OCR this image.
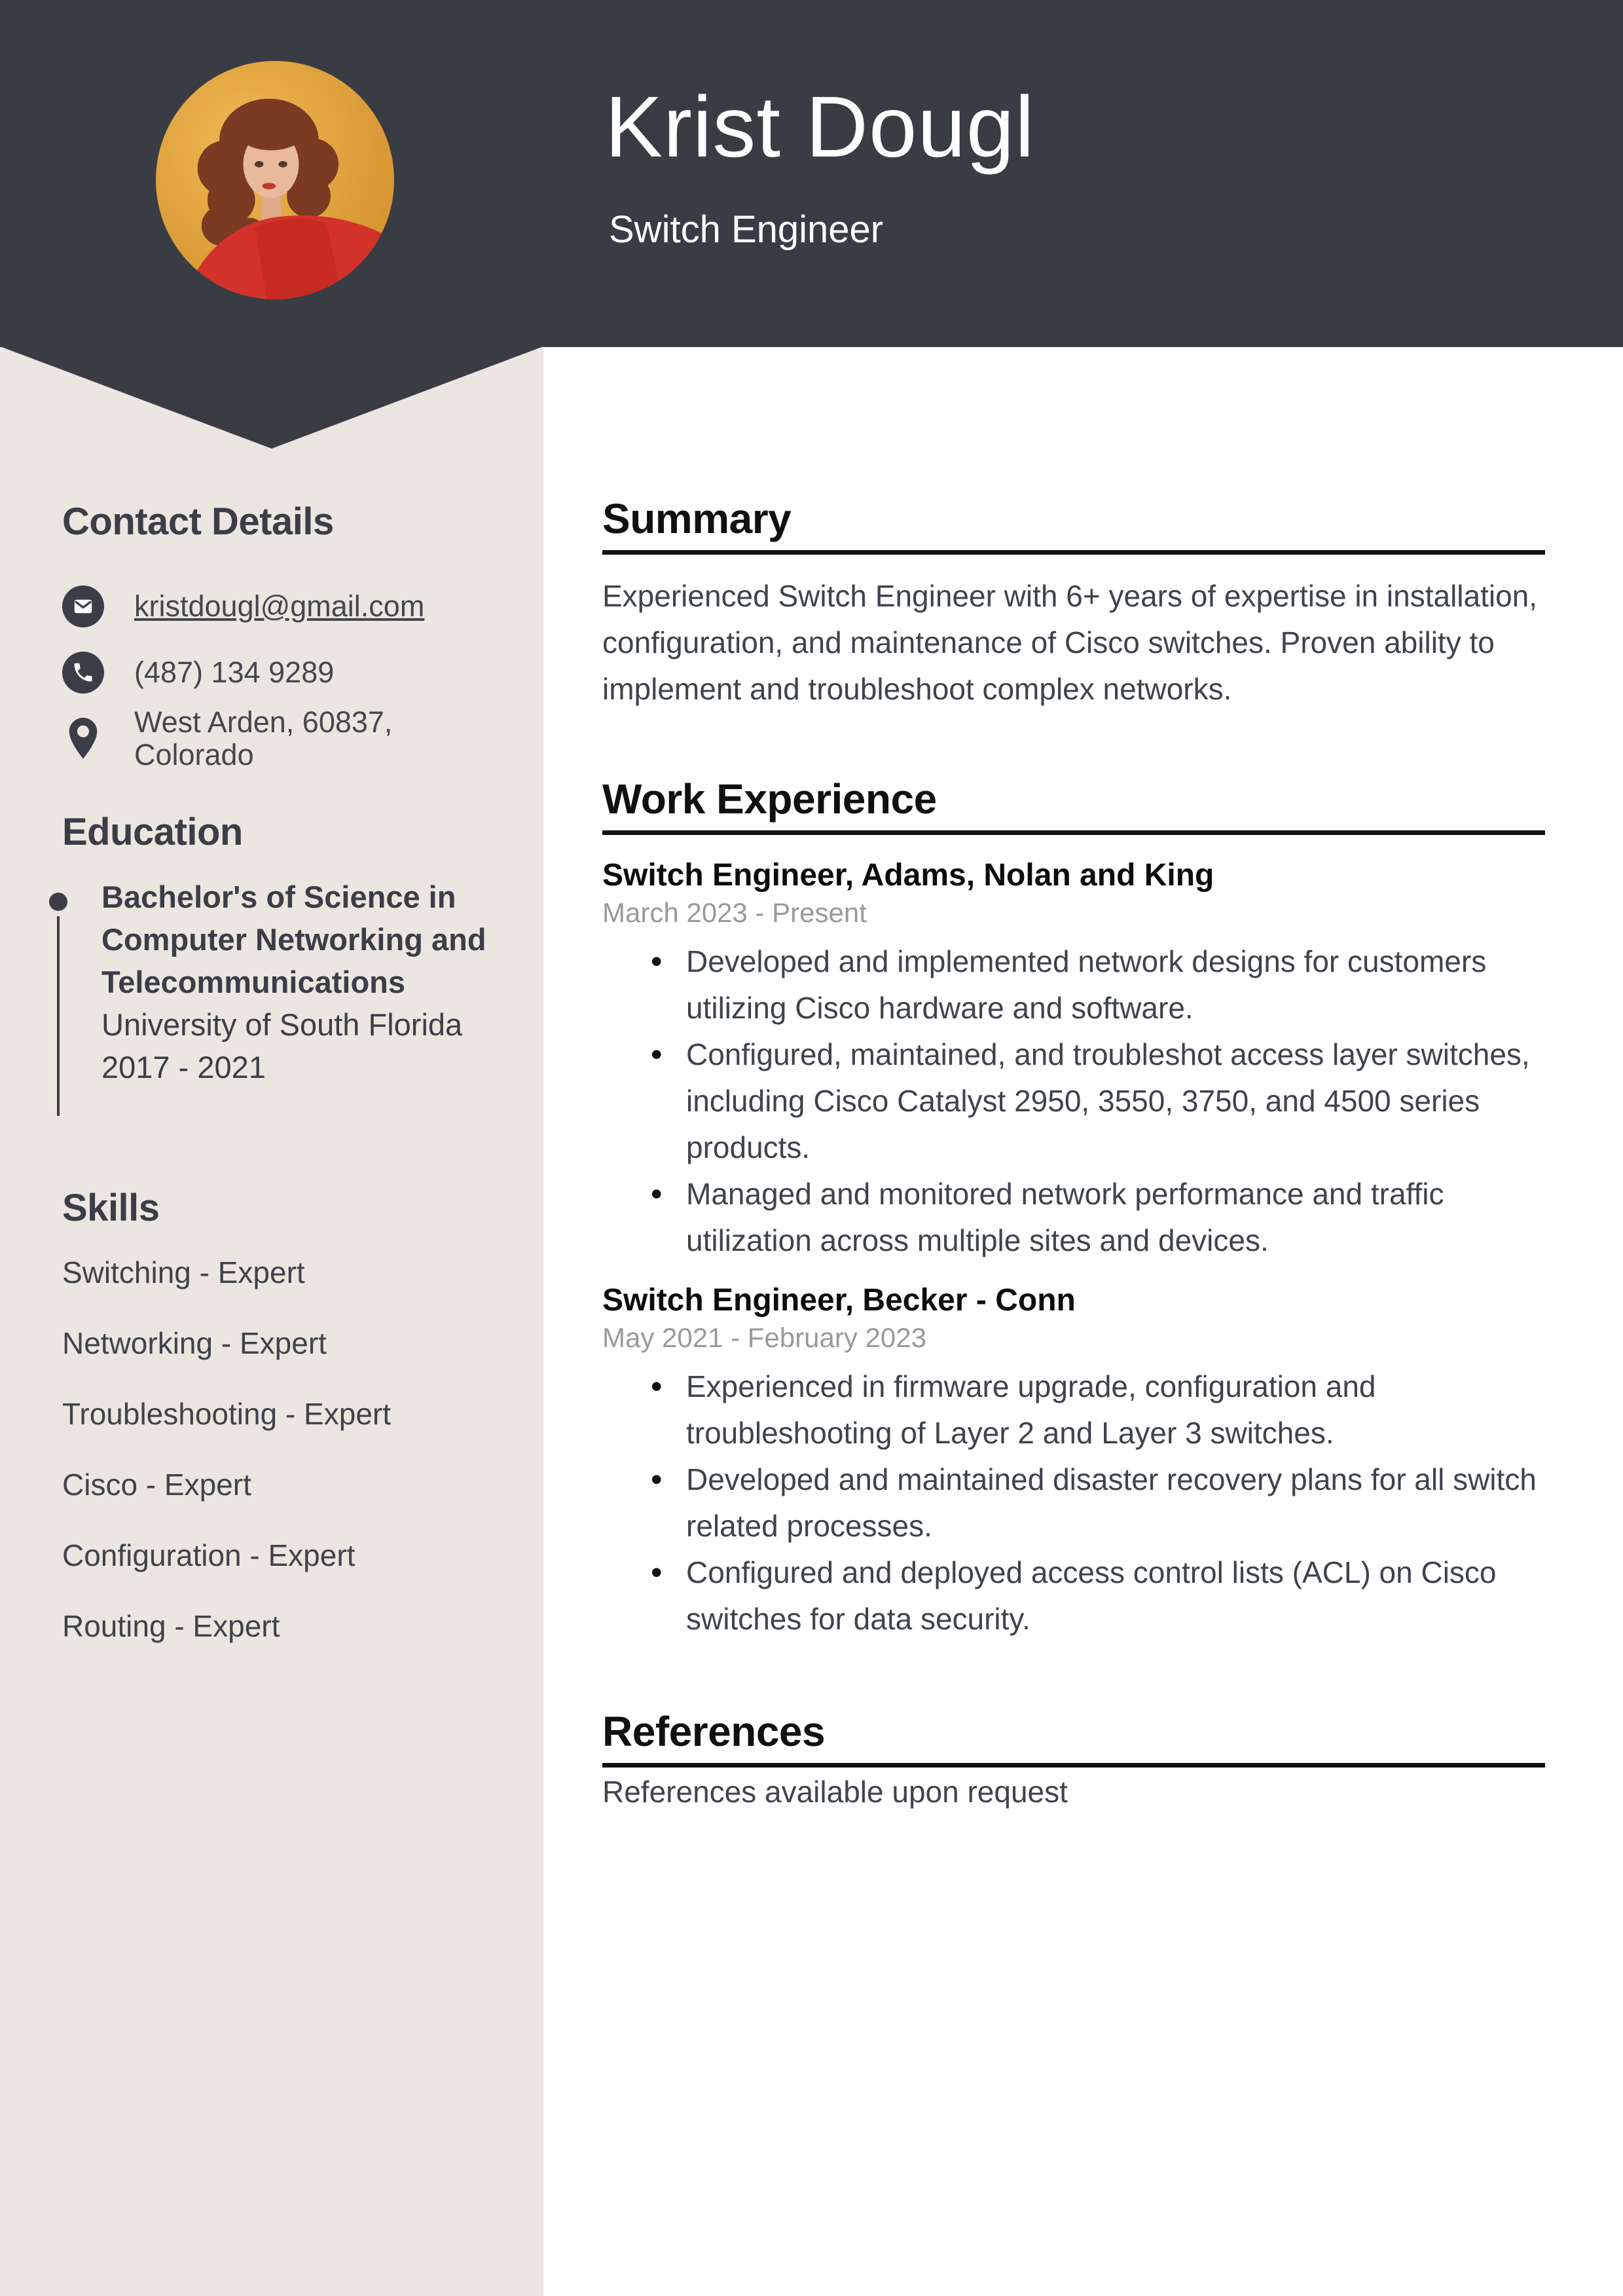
Krist Dougl
Switch Engineer
Contact Details
kristdougl@gmail.com
(487) 134 9289
West Arden, 60837, Colorado
Education
Bachelor's of Science in Computer Networking and Telecommunications
University of South Florida
2017 - 2021
Skills
Switching - Expert
Networking - Expert
Troubleshooting - Expert
Cisco - Expert
Configuration - Expert
Routing - Expert
Summary

Experienced Switch Engineer with 6+ years of expertise in installation, configuration, and maintenance of Cisco switches. Proven ability to implement and troubleshoot complex networks.

Work Experience
Switch Engineer, Adams, Nolan and King
March 2023 - Present
• Developed and implemented network designs for customers utilizing Cisco hardware and software.
• Configured, maintained, and troubleshot access layer switches, including Cisco Catalyst 2950, 3550, 3750, and 4500 series products.
• Managed and monitored network performance and traffic utilization across multiple sites and devices.
Switch Engineer, Becker - Conn
May 2021 - February 2023
• Experienced in firmware upgrade, configuration and troubleshooting of Layer 2 and Layer 3 switches.
• Developed and maintained disaster recovery plans for all switch related processes.
• Configured and deployed access control lists (ACL) on Cisco switches for data security.
References

References available upon request
